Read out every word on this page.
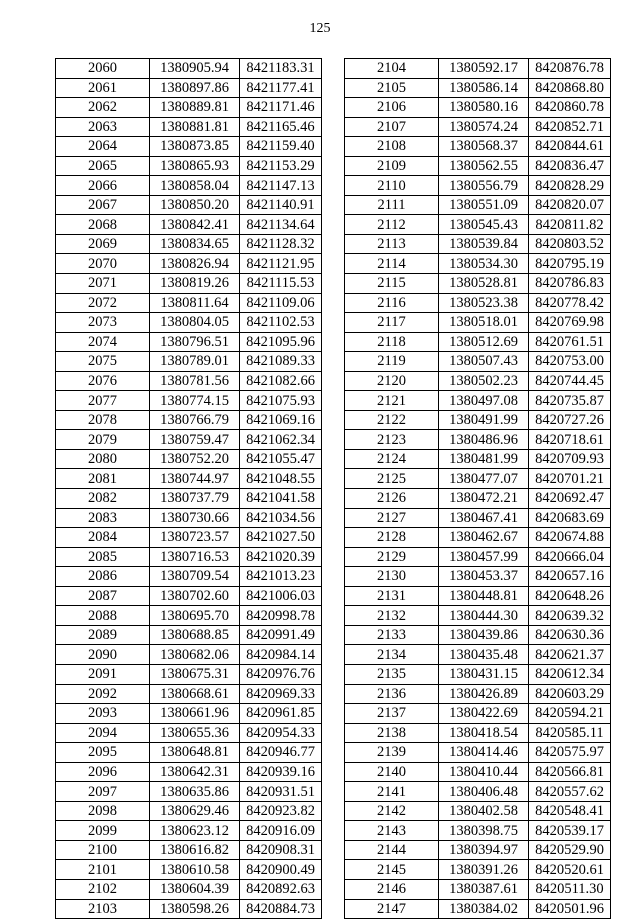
125
2060	1380905.94	8421183.31
2061	1380897.86	8421177.41
2062	1380889.81	8421171.46
2063	1380881.81	8421165.46
2064	1380873.85	8421159.40
2065	1380865.93	8421153.29
2066	1380858.04	8421147.13
2067	1380850.20	8421140.91
2068	1380842.41	8421134.64
2069	1380834.65	8421128.32
2070	1380826.94	8421121.95
2071	1380819.26	8421115.53
2072	1380811.64	8421109.06
2073	1380804.05	8421102.53
2074	1380796.51	8421095.96
2075	1380789.01	8421089.33
2076	1380781.56	8421082.66
2077	1380774.15	8421075.93
2078	1380766.79	8421069.16
2079	1380759.47	8421062.34
2080	1380752.20	8421055.47
2081	1380744.97	8421048.55
2082	1380737.79	8421041.58
2083	1380730.66	8421034.56
2084	1380723.57	8421027.50
2085	1380716.53	8421020.39
2086	1380709.54	8421013.23
2087	1380702.60	8421006.03
2088	1380695.70	8420998.78
2089	1380688.85	8420991.49
2090	1380682.06	8420984.14
2091	1380675.31	8420976.76
2092	1380668.61	8420969.33
2093	1380661.96	8420961.85
2094	1380655.36	8420954.33
2095	1380648.81	8420946.77
2096	1380642.31	8420939.16
2097	1380635.86	8420931.51
2098	1380629.46	8420923.82
2099	1380623.12	8420916.09
2100	1380616.82	8420908.31
2101	1380610.58	8420900.49
2102	1380604.39	8420892.63
2103	1380598.26	8420884.73
2104	1380592.17	8420876.78
2105	1380586.14	8420868.80
2106	1380580.16	8420860.78
2107	1380574.24	8420852.71
2108	1380568.37	8420844.61
2109	1380562.55	8420836.47
2110	1380556.79	8420828.29
2111	1380551.09	8420820.07
2112	1380545.43	8420811.82
2113	1380539.84	8420803.52
2114	1380534.30	8420795.19
2115	1380528.81	8420786.83
2116	1380523.38	8420778.42
2117	1380518.01	8420769.98
2118	1380512.69	8420761.51
2119	1380507.43	8420753.00
2120	1380502.23	8420744.45
2121	1380497.08	8420735.87
2122	1380491.99	8420727.26
2123	1380486.96	8420718.61
2124	1380481.99	8420709.93
2125	1380477.07	8420701.21
2126	1380472.21	8420692.47
2127	1380467.41	8420683.69
2128	1380462.67	8420674.88
2129	1380457.99	8420666.04
2130	1380453.37	8420657.16
2131	1380448.81	8420648.26
2132	1380444.30	8420639.32
2133	1380439.86	8420630.36
2134	1380435.48	8420621.37
2135	1380431.15	8420612.34
2136	1380426.89	8420603.29
2137	1380422.69	8420594.21
2138	1380418.54	8420585.11
2139	1380414.46	8420575.97
2140	1380410.44	8420566.81
2141	1380406.48	8420557.62
2142	1380402.58	8420548.41
2143	1380398.75	8420539.17
2144	1380394.97	8420529.90
2145	1380391.26	8420520.61
2146	1380387.61	8420511.30
2147	1380384.02	8420501.96
